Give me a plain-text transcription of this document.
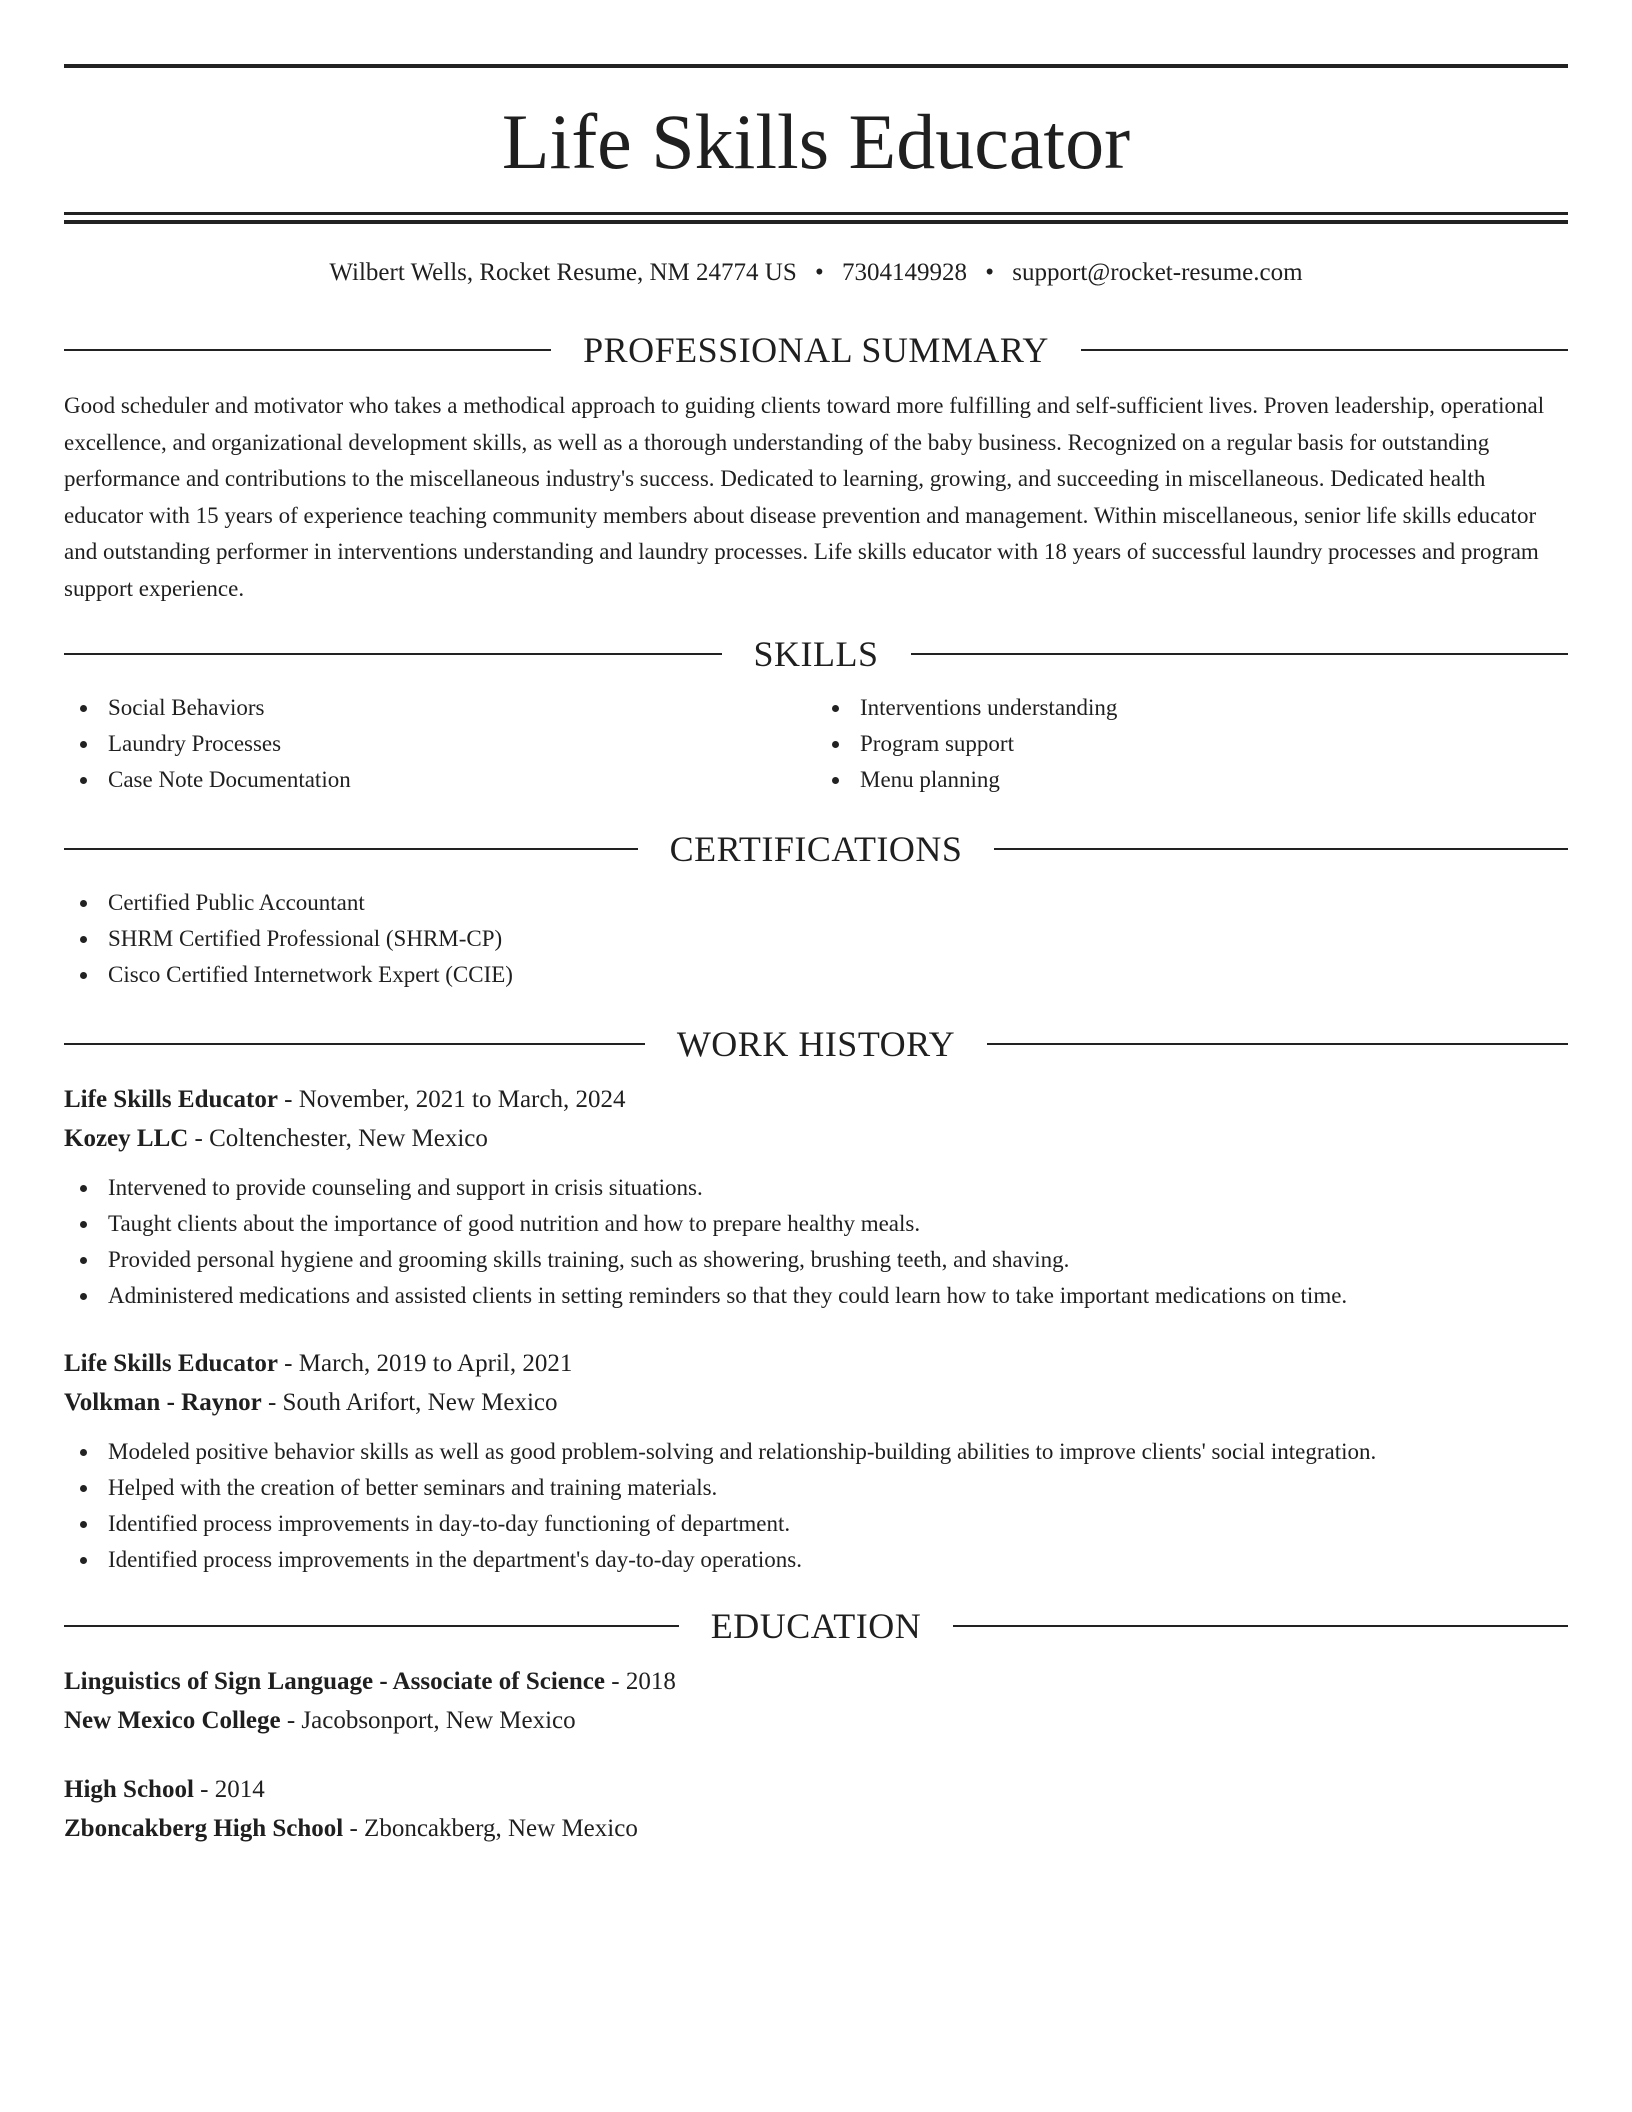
Life Skills Educator
Wilbert Wells, Rocket Resume, NM 24774 US • 7304149928 • support@rocket-resume.com
PROFESSIONAL SUMMARY
Good scheduler and motivator who takes a methodical approach to guiding clients toward more fulfilling and self-sufficient lives. Proven leadership, operational excellence, and organizational development skills, as well as a thorough understanding of the baby business. Recognized on a regular basis for outstanding performance and contributions to the miscellaneous industry's success. Dedicated to learning, growing, and succeeding in miscellaneous. Dedicated health educator with 15 years of experience teaching community members about disease prevention and management. Within miscellaneous, senior life skills educator and outstanding performer in interventions understanding and laundry processes. Life skills educator with 18 years of successful laundry processes and program support experience.
SKILLS
Social Behaviors
Laundry Processes
Case Note Documentation
Interventions understanding
Program support
Menu planning
CERTIFICATIONS
Certified Public Accountant
SHRM Certified Professional (SHRM-CP)
Cisco Certified Internetwork Expert (CCIE)
WORK HISTORY
Life Skills Educator - November, 2021 to March, 2024
Kozey LLC - Coltenchester, New Mexico
Intervened to provide counseling and support in crisis situations.
Taught clients about the importance of good nutrition and how to prepare healthy meals.
Provided personal hygiene and grooming skills training, such as showering, brushing teeth, and shaving.
Administered medications and assisted clients in setting reminders so that they could learn how to take important medications on time.
Life Skills Educator - March, 2019 to April, 2021
Volkman - Raynor - South Arifort, New Mexico
Modeled positive behavior skills as well as good problem-solving and relationship-building abilities to improve clients' social integration.
Helped with the creation of better seminars and training materials.
Identified process improvements in day-to-day functioning of department.
Identified process improvements in the department's day-to-day operations.
EDUCATION
Linguistics of Sign Language - Associate of Science - 2018
New Mexico College - Jacobsonport, New Mexico
High School - 2014
Zboncakberg High School - Zboncakberg, New Mexico
